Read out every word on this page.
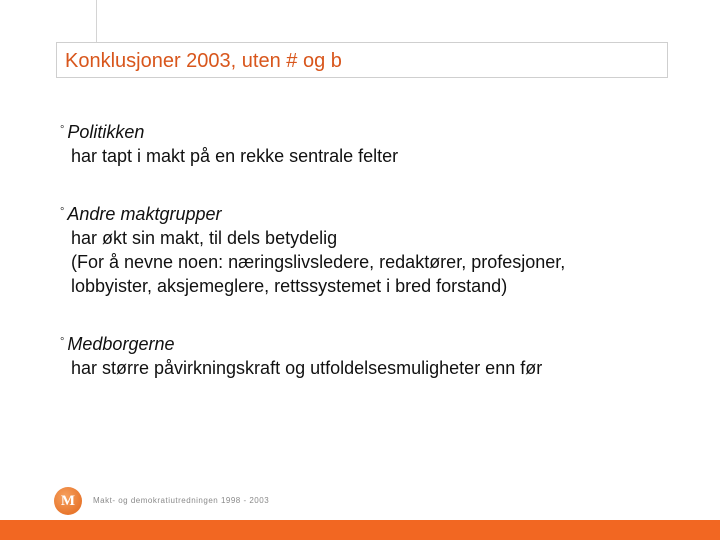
Konklusjoner 2003, uten # og b
° Politikken
har tapt i makt på en rekke sentrale felter
° Andre maktgrupper
har økt sin makt, til dels betydelig
(For å nevne noen: næringslivsledere, redaktører, profesjoner,
lobbyister, aksjemeglere, rettssystemet i bred forstand)
° Medborgerne
har større påvirkningskraft og utfoldelsesmuligheter enn før
M	Makt- og demokratiutredningen 1998 - 2003
